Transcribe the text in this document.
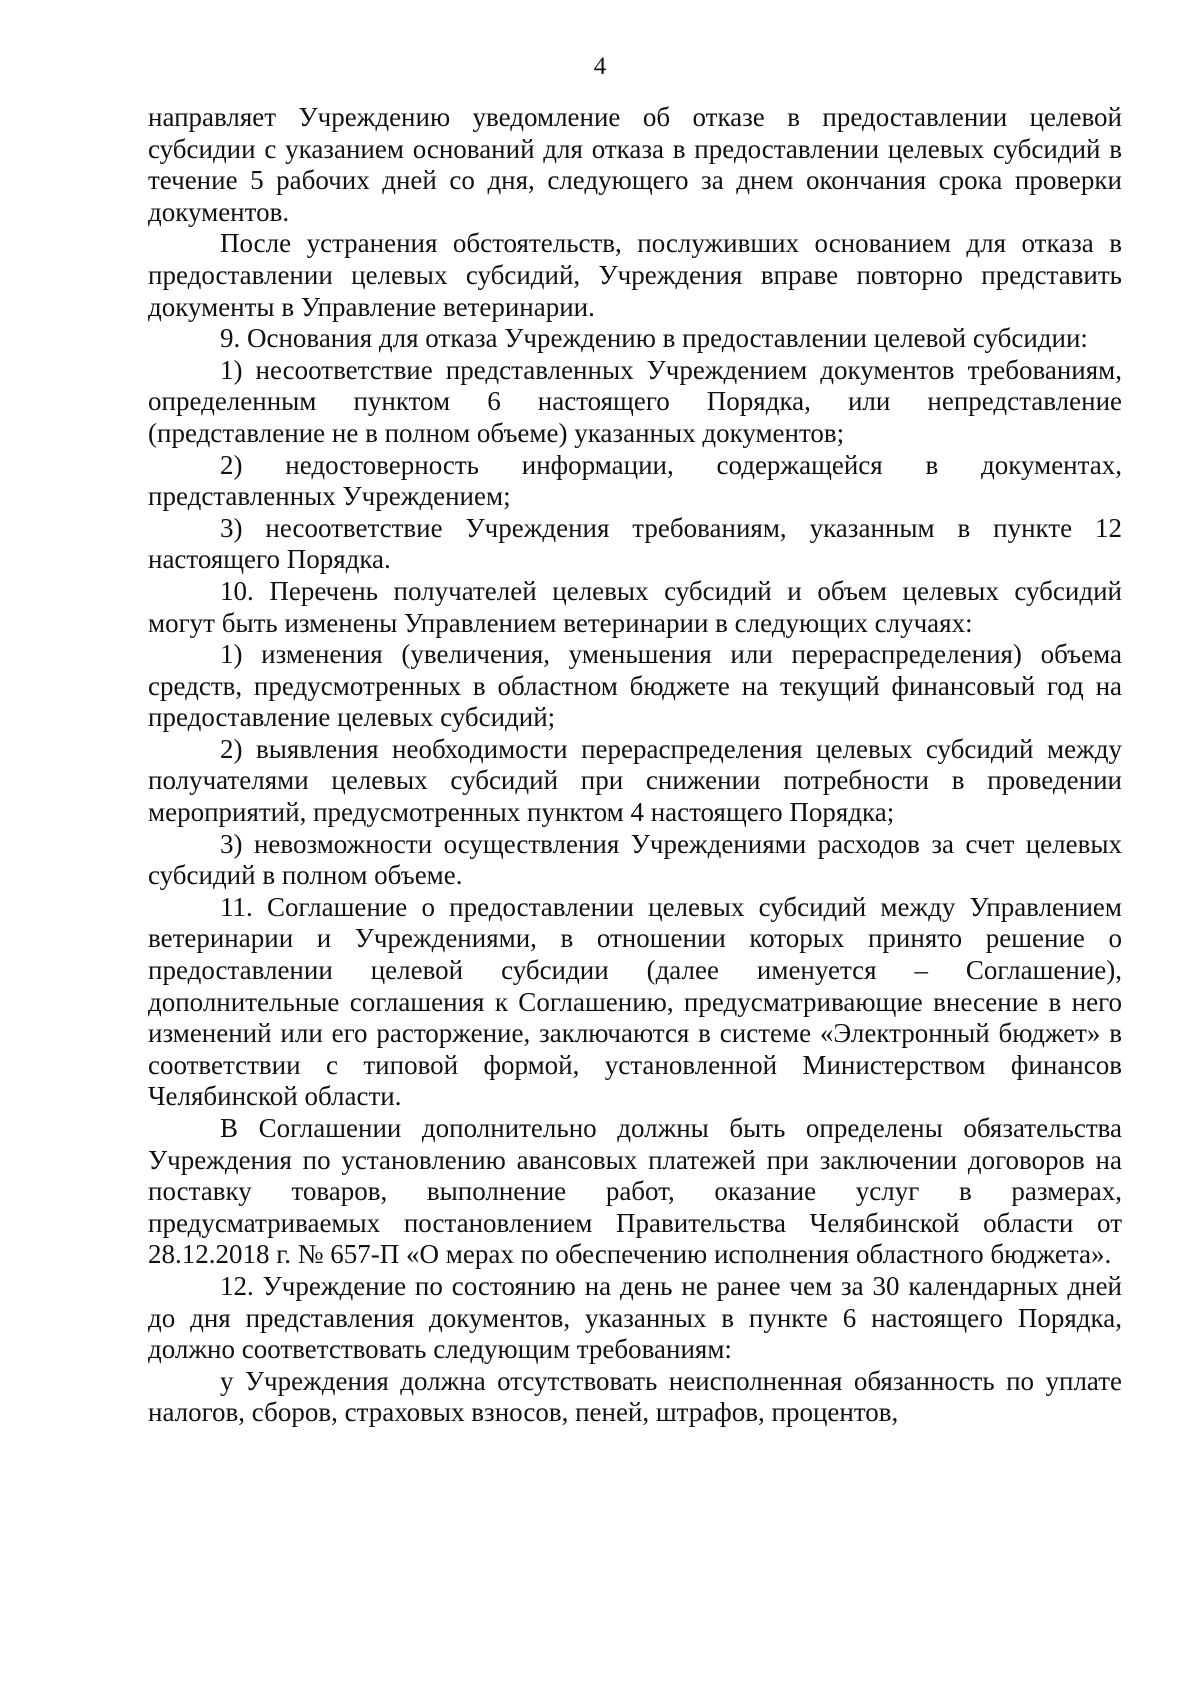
4

направляет Учреждению уведомление об отказе в предоставлении целевой субсидии с указанием оснований для отказа в предоставлении целевых субсидий в течение 5 рабочих дней со дня, следующего за днем окончания срока проверки документов.

После устранения обстоятельств, послуживших основанием для отказа в предоставлении целевых субсидий, Учреждения вправе повторно представить документы в Управление ветеринарии.

9. Основания для отказа Учреждению в предоставлении целевой субсидии:

1) несоответствие представленных Учреждением документов требованиям, определенным пунктом 6 настоящего Порядка, или непредставление (представление не в полном объеме) указанных документов;

2) недостоверность информации, содержащейся в документах, представленных Учреждением;

3) несоответствие Учреждения требованиям, указанным в пункте 12 настоящего Порядка.

10. Перечень получателей целевых субсидий и объем целевых субсидий могут быть изменены Управлением ветеринарии в следующих случаях:

1) изменения (увеличения, уменьшения или перераспределения) объема средств, предусмотренных в областном бюджете на текущий финансовый год на предоставление целевых субсидий;

2) выявления необходимости перераспределения целевых субсидий между получателями целевых субсидий при снижении потребности в проведении мероприятий, предусмотренных пунктом 4 настоящего Порядка;

3) невозможности осуществления Учреждениями расходов за счет целевых субсидий в полном объеме.

11. Соглашение о предоставлении целевых субсидий между Управлением ветеринарии и Учреждениями, в отношении которых принято решение о предоставлении целевой субсидии (далее именуется – Соглашение), дополнительные соглашения к Соглашению, предусматривающие внесение в него изменений или его расторжение, заключаются в системе «Электронный бюджет» в соответствии с типовой формой, установленной Министерством финансов Челябинской области.

В Соглашении дополнительно должны быть определены обязательства Учреждения по установлению авансовых платежей при заключении договоров на поставку товаров, выполнение работ, оказание услуг в размерах, предусматриваемых постановлением Правительства Челябинской области от 28.12.2018 г. № 657-П «О мерах по обеспечению исполнения областного бюджета».

12. Учреждение по состоянию на день не ранее чем за 30 календарных дней до дня представления документов, указанных в пункте 6 настоящего Порядка, должно соответствовать следующим требованиям:

у Учреждения должна отсутствовать неисполненная обязанность по уплате налогов, сборов, страховых взносов, пеней, штрафов, процентов,
